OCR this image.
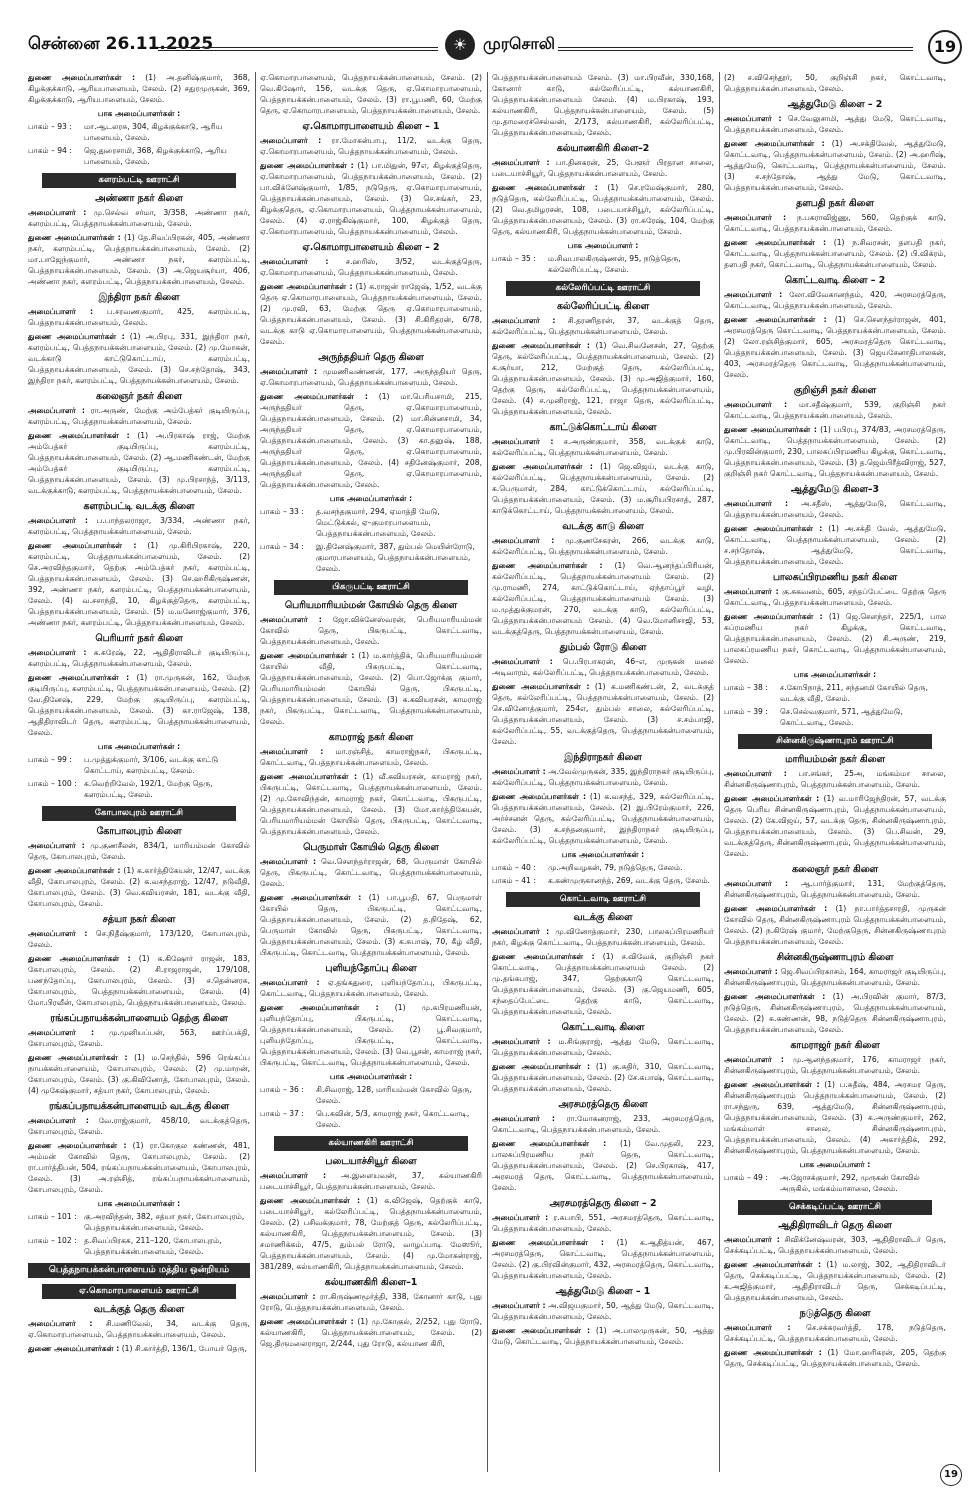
சென்னை 26.11.2025	☀ முரசொலி	19

துணை அமைப்பாளர்கள் : (1) அ.தனிஷ்குமார், 368, கிழக்குக்காடு, ஆரியபாளையம், சேலம். (2) சதுரமுருகன், 369, கிழக்குக்காடு, ஆரியபாளையம், சேலம்.

பாக அமைப்பாளர்கள் :
பாகம் – 93 :	மா.ஆடலரசு, 304, கிழக்குக்காடு, ஆரிய பாளையம், சேலம்.
பாகம் – 94 :	ஜெ.துரைசாமி, 368, கிழக்குக்காடு, ஆரிய பாளையம், சேலம்.
களரம்பட்டி ஊராட்சி
அண்ணா நகர் கிளை

அமைப்பாளர் : மு.செல்வ சர்மா, 3/358, அண்ணா நகர், களரம்பட்டி, பெத்தநாயக்கன்பாளையம், சேலம்.

துணை அமைப்பாளர்கள் : (1) தே.சிவப்பிரகன், 405, அண்ணா நகர், களரம்பட்டி, பெத்தநாயக்கன்பாளையம், சேலம். (2) மா.பாஜேந்குமார், அண்ணா நகர், களரம்பட்டி, பெத்தநாயக்கன்பாளையம், சேலம். (3) அ.ஜெயசூர்யா, 406, அண்ணா நகர், களரம்பட்டி, பெத்தநாயக்கன்பாளையம், சேலம்.

இந்திரா நகர் கிளை

அமைப்பாளர் : ப.சரவணகுமார், 425, களரம்பட்டி, பெத்தநாயக்கன்பாளையம், சேலம்.

துணை அமைப்பாளர்கள் : (1) அ.பிரபு, 331, இந்திரா நகர், களரம்பட்டி, பெத்தநாயக்கன்பாளையம், சேலம். (2) மு.மோகன், வடக்காடு காட்டுகொட்டாய், களரம்பட்டி, பெத்தநாயக்கன்பாளையம், சேலம். (3) செ.சந்தோஷ், 343, இந்திரா நகர், களரம்பட்டி, பெத்தநாயக்கன்பாளையம், சேலம்.

கலைஞர் நகர் கிளை

அமைப்பாளர் : ரா.அருண், மேற்கு அம்பேத்கர் குடியிருப்பு, களரம்பட்டி, பெத்தநாயக்கன்பாளையம், சேலம்.

துணை அமைப்பாளர்கள் : (1) அ.பிரகாஷ் ராஜ், மேற்கு அம்பேத்கர் குடியிருப்பு, களரம்பட்டி, பெத்தநாயக்கன்பாளையம், சேலம். (2) ஆ.மணிகண்டன், மேற்கு அம்பேத்கர் குடியிருப்பு, களரம்பட்டி, பெத்தநாயக்கன்பாளையம், சேலம். (3) மு.பிரசாந்த், 3/113, வடக்குக்காடு, களரம்பட்டி, பெத்தநாயக்கன்பாளையம், சேலம்.

களரம்பட்டி வடக்கு கிளை

அமைப்பாளர் : ப.பாந்தலராஜா, 3/334, அண்ணா நகர், களரம்பட்டி, பெத்தநாயக்கன்பாளையம், சேலம்.

துணை அமைப்பாளர்கள் : (1) மு.கிரிபிரகாஷ், 220, களரம்பட்டி, பெத்தநாயக்கன்பாளையம், சேலம். (2) செ.அரவிந்தகுமார், தெற்கு அம்பேத்கர் நகர், களரம்பட்டி, பெத்தநாயக்கன்பாளையம், சேலம். (3) செ.ஹரிகிருஷ்ணன், 392, அண்ணா நகர், களரம்பட்டி, பெத்தநாயக்கன்பாளையம், சேலம். (4) வ.சசாந்தி, 10, கிழக்குத்தெரு, களரம்பட்டி, பெத்தநாயக்கன்பாளையம், சேலம். (5) ம.மனோஜ்குமார், 376, அண்ணா நகர், களரம்பட்டி, பெத்தநாயக்கன்பாளையம், சேலம்.

பெரியார் நகர் கிளை

அமைப்பாளர் : க.சுரேஷ், 22, ஆதிதிராவிடர் குடியிருப்பு, களரம்பட்டி, பெத்தநாயக்கன்பாளையம், சேலம்.

துணை அமைப்பாளர்கள் : (1) ரா.முருகன், 162, மேற்கு குடியிருப்பு, களரம்பட்டி, பெத்தநாயக்கன்பாளையம், சேலம். (2) வே.தினேஷ், 229, மேற்கு குடியிருப்பு, களரம்பட்டி, பெத்தநாயக்கன்பாளையம், சேலம். (3) கா.ராஜேஷ், 138, ஆதிதிராவிடர் தெரு, களரம்பட்டி, பெத்தநாயக்கன்பாளையம், சேலம்.

பாக அமைப்பாளர்கள் :
பாகம் – 99 :	ப.முத்துக்குமார், 3/106, வடக்கு காட்டு கொட்டாய், களரம்பட்டி, சேலம்.
பாகம் – 100 : க.வெற்றிவேல், 192/1, மேற்கு தெரு, களரம்பட்டி, சேலம்.
கோபாலபுரம் ஊராட்சி
கோபாலபுரம் கிளை

அமைப்பாளர் : மு.குணசீலன், 834/1, மாரியம்மன் கோவில் தெரு, கோபாலபுரம், சேலம்.

துணை அமைப்பாளர்கள் : (1) க.கார்த்திகேயன், 12/47, வடக்கு வீதி, கோபாலபுரம், சேலம். (2) க.வசந்தராஜ், 12/47, நடுவீதி, கோபாலபுரம், சேலம். (3) வெ.கவியரசன், 181, வடக்கு வீதி, கோபாலபுரம், சேலம்.

சத்யா நகர் கிளை

அமைப்பாளர் : செ.நிதீஷ்குமார், 173/120, கோபாலபுரம், சேலம்.

துணை அமைப்பாளர்கள் : (1) க.கிஷோர் ராஜன், 183, கோபாலபுரம், சேலம். (2) சி.ராஜராஜன், 179/108, பணந்தோப்பு, கோபாலபுரம், சேலம். (3) ச.தென்னரசு, கோபாலபுரம், பெத்தநாயக்கன்பாளையம், சேலம். (4) மோ.பிரவீன், கோபாலபுரம், பெத்தநாயக்கன்பாளையம், சேலம்.

ரங்கப்பநாயக்கன்பாளையம் தெற்கு கிளை

அமைப்பாளர் : மு.முனியப்பன், 563, ஊர்ப்பக்தி, கோபாலபுரம், சேலம்.

துணை அமைப்பாளர்கள் : (1) ம.செந்தில், 596 ரெங்கப்ப நாயக்கன்பாளையம், கோபாலபுரம், சேலம். (2) மு.மாறன், கோபாலபுரம், சேலம். (3) கு.கிவினோத், கோபாலபுரம், சேலம். (4) முகேஷ்குமார், சத்யா நகர், கோபாலபுரம், சேலம்.

ரங்கப்பநாயக்கன்பாளையம் வடக்கு கிளை

அமைப்பாளர் : வே.ராஜ்குமார், 458/10, வடக்குத்தெரு, கோபாலபுரம், சேலம்.

துணை அமைப்பாளர்கள் : (1) ரா.கோகுல கண்ணன், 481, அம்மன் கோவில் தெரு, கோபாலபுரம், சேலம். (2) ரா.பார்த்திபன், 504, ரங்கப்பநாயக்கன்பாளையம், கோபாலபுரம், சேலம். (3) அ.ரஞ்சித், ரங்கப்பநாயக்கன்பாளையம், கோபாலபுரம், சேலம்.

பாக அமைப்பாளர்கள் :
பாகம் – 101 : கு.அரவிந்தன், 382, சத்யா நகர், கோபாலபுரம், பெத்தநாயக்கன்பாளையம், சேலம்.
பாகம் – 102 : த.சிவப்பிரகசு, 211–120, கோபாலபுரம், பெத்தநாயக்கன்பாளையம், சேலம்.
பெத்தநாயக்கன்பாளையம் மத்திய ஒன்றியம்
ஏ.கொமாரபாளையம் ஊராட்சி
வடக்குத் தெரு கிளை

அமைப்பாளர் : சி.மணிவேல், 34, வடக்கு தெரு, ஏ.கொமாரபாளையம், பெத்தநாயக்கன்பாளையம், சேலம்.

துணை அமைப்பாளர்கள் : (1) சி.கார்த்தி, 136/1, போயர் தெரு,

ஏ.கொமாரபாளையம், பெத்தநாயக்கன்பாளையம், சேலம். (2) வெ.கிஷோர், 156, வடக்கு தெரு, ஏ.கொமாரபாளையம், பெத்தநாயக்கன்பாளையம், சேலம். (3) ரா.பூபணி, 60, மேற்கு தெரு, ஏ.கொமாரபாளையம், பெத்தநாயக்கன்பாளையம், சேலம்.

ஏ.கொமாரபாளையம் கிளை – 1

அமைப்பாளர் : ரா.மோகன்பாபு, 11/2, வடக்கு தெரு, ஏ.கொமாரபாளையம், பெத்தநாயக்கன்பாளையம், சேலம்.

துணை அமைப்பாளர்கள் : (1) பா.மிதுன், 97எ, கிழக்குத்தெரு, ஏ.கொமாரபாளையம், பெத்தநாயக்கன்பாளையம், சேலம். (2) பா.விக்னேஷ்குமார், 1/85, நடுதெரு, ஏ.கொமாரபாளையம், பெத்தநாயக்கன்பாளையம், சேலம். (3) செ.சங்கர், 23, கிழக்குதெரு, ஏ.கொமாரபாளையம், பெத்தநாயக்கன்பாளையம், சேலம். (4) ஏ.ராஜ்கிஷ்குமார், 100, கிழக்குத் தெரு, ஏ.கொமாரபாளையம், பெத்தநாயக்கன்பாளையம், சேலம்.

ஏ.கொமாரபாளையம் கிளை – 2

அமைப்பாளர் : ச.ஹரிஸ், 3/52, வடக்குத்தெரு, ஏ.கொமாரபாளையம், பெத்தநாயக்கன்பாளையம், சேலம்.

துணை அமைப்பாளர்கள் : (1) க.ராஜன் ராஜேஷ், 1/52, வடக்கு தெரு ஏ.கொமாரபாளையம், பெத்தநாயக்கன்பாளையம், சேலம். (2) மு.ரவி, 63, மேற்கு தெரு ஏ.கொமாரபாளையம், பெத்தநாயக்கன்பாளையம், சேலம். (3) சி.கிரிதரன், 6/78, வடக்கு காடு ஏ.கொமாரபாளையம், பெத்தநாயக்கன்பாளையம், சேலம்.

அருந்ததியர் தெரு கிளை

அமைப்பாளர் : முமணிவண்ணன், 177, அருந்ததியர் தெரு, ஏ.கொமாரபாளையம், பெத்தநாயக்கன்பாளையம், சேலம்.

துணை அமைப்பாளர்கள் : (1) மா.பெரியசாமி, 215, அருந்ததியர் தெரு, ஏ.கொமாரபாளையம், பெத்தநாயக்கன்பாளையம், சேலம். (2) மா.சின்னசாமி, 34, அருந்ததியர் தெரு, ஏ.கொமாரபாளையம், பெத்தநாயக்கன்பாளையம், சேலம். (3) கா.தனுஷ், 188, அருந்ததியர் தெரு, ஏ.கொமாரபாளையம், பெத்தநாயக்கன்பாளையம், சேலம். (4) சதினேஷ்குமார், 208, அருந்ததியர் தெரு, ஏ.கொமாரபாளையம், பெத்தநாயக்கன்பாளையம், சேலம்.

பாக அமைப்பாளர்கள் :
பாகம் – 33 :	த.வசந்தகுமார், 294, ஏமாத்தி மேடு, மெட்டுக்கல், ஏ–குமாரபாளையம், பெத்தநாயக்கன்பாளையம், சேலம்.
பாகம் – 34 :	இ.தினேஷ்குமார், 387, தும்பல் மெயின்ரோடு, குமாரபாளையம், பெத்தநாயக்கன்பாளையம், சேலம்.
பிகருபட்டி ஊராட்சி
பெரியமாரியம்மன் கோயில் தெரு கிளை

அமைப்பாளர் : ஜோ.விக்னேஸ்வரன், பெரியமாரியம்மன் கோவில் தெரு, பிகருபட்டி, கொட்டவாடி, பெத்தநாயக்கன்பாளையம், சேலம்.

துணை அமைப்பாளர்கள் : (1) ம.கார்த்திக், பெரியமாரியம்மன் கோயில் வீதி, பிகருபட்டி, கொட்டவாடி, பெத்தநாயக்கன்பாளையம், சேலம். (2) பொ.ஜோக்கு குமார், பெரியமாரியம்மன் கோயில் தெரு, பிகருபட்டி, பெத்தநாயக்கன்பாளையம், சேலம். (3) க.கவியரசன், காமராஜ் நகர், பிகருபட்டி, கொட்டவாடி, பெத்தநாயக்கன்பாளையம், சேலம்.

காமராஜ் நகர் கிளை

அமைப்பாளர் : மா.ரஞ்சித், காமராஜ்நகர், பிகருபட்டி, கொட்டவாடி, பெத்தநாயக்கன்பாளையம், சேலம்.

துணை அமைப்பாளர்கள் : (1) வீ.கவியரசன், காமராஜ் நகர், பிகருபட்டி, கொட்டவாடி, பெத்தநாயக்கன்பாளையம், சேலம். (2) மு.கோவிந்தன், காமராஜ் நகர், கொட்டவாடி, பிகருபட்டி, பெத்தநாயக்கன்பாளையம், சேலம். (3) மோ.கார்த்திகேயன், பெரியமாரியம்மன் கோயில் தெரு, பிகருபட்டி, கொட்டவாடி, பெத்தநாயக்கன்பாளையம், சேலம்.

பெருமாள் கோயில் தெரு கிளை

அமைப்பாளர் : வெ.சௌந்தர்ராஜன், 68, பெருமாள் கோயில் தெரு, பிகருபட்டி, கொட்டவாடி, பெத்தநாயக்கன்பாளையம், சேலம்.

துணை அமைப்பாளர்கள் : (1) பா.பூபதி, 67, பெருமாள் கோயில் தெரு, பிகருபட்டி, கொட்டவாடி, பெத்தநாயக்கன்பாளையம், சேலம். (2) த.நிதேஷ், 62, பெருமாள் கோவில் தெரு, பிகருபட்டி, கொட்டவாடி, பெத்தநாயக்கன்பாளையம், சேலம். (3) க.சுபாஷ், 70, கீழ் வீதி, பிகருபட்டி, கொட்டவாடி, பெத்தநாயக்கன்பாளையம், சேலம்.

புளியந்தோப்பு கிளை

அமைப்பாளர் : ஏ.தங்கதுரை, புளியந்தோப்பு, பிகருபட்டி, கொட்டவாடி, பெத்தநாயக்கன்பாளையம், சேலம்.

துணை அமைப்பாளர்கள் : (1) மு.சுபிரமணியன், புளியந்தோப்பு, பிகருபட்டி, கொட்டவாடி, பெத்தநாயக்கன்பாளையம், சேலம். (2) பூ.சிவகுமார், புளியந்தோப்பு, பிகருபட்டி, கொட்டவாடி, பெத்தநாயக்கன்பாளையம், சேலம். (3) வெ.பூசன், காமராஜ் நகர், பிகருபட்டி, கொட்டவாடி, பெத்தநாயக்கன்பாளையம், சேலம்.

பாக அமைப்பாளர்கள் :
பாகம் – 36 :	சி.சிவராஜ், 128, மாரியம்மன் கோவில் தெரு, சேலம்.
பாகம் – 37 :	பெ.கவின், 5/3, காமராஜ் நகர், கொட்டவாடி, சேலம்.
கல்யாணகிரி ஊராட்சி
படையாச்சியூர் கிளை

அமைப்பாளர் : அ.இளையவன், 37, கல்யாணகிரி படையாச்சியூர், பெத்தநாயக்கன்பாளையம், சேலம்.

துணை அமைப்பாளர்கள் : (1) க.விஜேஷ், தெற்குக் காடு, படையாச்சியூர், கல்லேரிப்பட்டி, பெத்தநாயக்கன்பாளையம், சேலம். (2) பசிவக்குமார், 78, மேற்குத் தெரு, கல்லேரிப்பட்டி, கல்யாணகிரி, பெத்தநாயக்கன்பாளையம், சேலம். (3) சமாணிக்கம், 47/5, தும்பல் ரோடு, வாழப்பாடி மேஸூர், பெத்தநாயக்கன்பாளையம், சேலம். (4) மு.மோகன்ராஜ், 381/289, கல்யாணகிரி, பெத்தநாயக்கன்பாளையம், சேலம்.

கல்யாணகிரி கிளை–1

அமைப்பாளர் : ரா.கிருஷ்ணமூர்த்தி, 338, கோனார் காடு, புது ரோடு, பெத்தநாயக்கன்பாளையம், சேலம்.

துணை அமைப்பாளர்கள் : (1) மு.கோகுல், 2/252, புது ரோடு, கல்யாணகிரி, பெத்தநாயக்கன்பாளையம், சேலம். (2) ஜெ.திருமலைராஜா, 2/244, புது ரோடு, கல்யாண கிரி,

பெத்தநாயக்கன்பாளையம் சேலம். (3) மா.பிரவீன், 330,168, கோனார் காடு, கல்லேரிப்பட்டி, கல்யாணகிரி, பெத்தநாயக்கன்பாளையம் சேலம். (4) ம.பிரகாஷ், 193, கல்யாணகிரி, பெத்தநாயக்கன்பாளையம், சேலம். (5) மு.தாமரைச்செல்வன், 2/173, கல்யாணகிரி, கல்லேரிப்பட்டி, பெத்தநாயக்கன்பாளையம், சேலம்.

கல்யாணகிரி கிளை–2

அமைப்பாளர் : பா.தினகரன், 25, பேளூர் பிரதான சாலை, படையாச்சியூர், பெத்தநாயக்கன்பாளையம், சேலம்.

துணை அமைப்பாளர்கள் : (1) செ.ரமேஷ்குமார், 280, நடுத்தெரு, கல்லேரிப்பட்டி, பெத்தநாயக்கன்பாளையம், சேலம். (2) வெ.தமிழரசன், 108, படையாச்சியூர், கல்லேரிப்பட்டி, பெத்தநாயக்கன்பாளையம், சேலம். (3) ரா.சுரேஷ், 104, மேற்கு தெரு, கல்யாணகிரி, பெத்தநாயக்கன்பாளையம், சேலம்.

பாக அமைப்பாளர் :
பாகம் – 35 :	ம.சிவபாலகிருஷ்ணன், 95, நடுத்தெரு, கல்லேரிப்பட்டி, சேலம்.
கல்லேரிப்பட்டி ஊராட்சி
கல்லேரிப்பட்டி கிளை

அமைப்பாளர் : சி.தரணிதரன், 37, வடக்குத் தெரு, கல்லேரிப்பட்டி, பெத்தநாயக்கன்பாளையம், சேலம்.

துணை அமைப்பாளர்கள் : (1) வெ.சிவனேசன், 27, தெற்கு தெரு, கல்லேரிப்பட்டி, பெத்தநாயக்கன்பாளையம், சேலம். (2) க.சூர்யா, 212, மேற்குத் தெரு, கல்லேரிப்பட்டி, பெத்தநாயக்கன்பாளையம், சேலம். (3) மு.அஜித்குமார், 160, தெற்கு தெரு, கல்லேரிப்பட்டி, பெத்தநாயக்கன்பாளையம், சேலம். (4) ச.முனிராஜ், 121, ராஜா தெரு, கல்லேரிப்பட்டி, பெத்தநாயக்கன்பாளையம், சேலம்.

காட்டுக்கொட்டாய் கிளை

அமைப்பாளர் : ச.அருண்குமார், 358, வடக்குக் காடு, கல்லேரிப்பட்டி, பெத்தநாயக்கன்பாளையம், சேலம்.

துணை அமைப்பாளர்கள் : (1) ஜெ.விஜய், வடக்கு காடு, கல்லேரிப்பட்டி, பெத்தநாயக்கன்பாளையம், சேலம். (2) க.பெருமாள், 284, காட்டுக்கொட்டாய், கல்லேரிப்பட்டி, பெத்தநாயக்கன்பாளையம், சேலம். (3) ம.சூரியபிரசாத், 287, காடுக்கொட்டாய், பெத்தநாயக்கன்பாளையம், சேலம்.

வடக்கு காடு கிளை

அமைப்பாளர் : மு.குணசேகரன், 266, வடக்கு காடு, கல்லேரிப்பட்டி, பெத்தநாயக்கன்பாளையம், சேலம்.

துணை அமைப்பாளர்கள் : (1) வெ.ஆனந்தப்பிரியன், கல்லேரிப்பட்டி, பெத்தநாயக்கன்பாளையம் சேலம். (2) மு.ராமணி, 274, காட்டுக்கொட்டாய், ஏந்தாப்பூர் வழி, கல்லேரிப்பட்டி, பெத்தநாயக்கன்பாளையம் சேலம். (3) ம.முத்துக்குமரன், 270, வடக்கு காடு, கல்லேரிப்பட்டி, பெத்தநாயக்கன்பாளையம் சேலம். (4) வெ.மோனிசாஜி, 53, வடக்குத்தெரு, பெத்தநாயக்கன்பாளையம், சேலம்.

தும்பல் ரோடு கிளை

அமைப்பாளர் : பெ.பிரபாகரன், 46–எ, முருகன் மலை அடிவாரம், கல்லேரிப்பட்டி, பெத்தநாயக்கன்பாளையம், சேலம்.

துணை அமைப்பாளர்கள் : (1) க.மணிகண்டன், 2, வடக்குத் தெரு, கல்லேரிப்பட்டி, பெத்தநாயக்கன்பாளையம், சேலம். (2) செ.வினோத்குமார், 254எ, தும்பல் சாலை, கல்லேரிப்பட்டி, பெத்தநாயக்கன்பாளையம், சேலம். (3) ச.சம்பாஜி, கல்லேரிப்பட்டி, 55, வடக்குத்தெரு, பெத்தநாயக்கன்பாளையம், சேலம்.

இந்திராநகர் கிளை

அமைப்பாளர் : அ.வேல்முருகன், 335, இந்திராநகர் குடியிருப்பு, கல்லேரிப்பட்டி, பெத்தநாயக்கன்பாளையம், சேலம்.

துணை அமைப்பாளர்கள் : (1) க.வசந்த், 329, கல்லேரிப்பட்டி, பெத்தநாயக்கன்பாளையம், சேலம். (2) இ.பிரேம்குமார், 226, அர்ச்சனன் தெரு, கல்லேரிப்பட்டி, பெத்தநாயக்கன்பாளையம், சேலம். (3) க.சந்தனகுமார், இந்திராநகர் குடியிருப்பு, கல்லேரிப்பட்டி, பெத்தநாயக்கன்பாளையம், சேலம்.

பாக அமைப்பாளர்கள் :
பாகம் – 40 :	மு.அறிவழகன், 79, நடுத்தெரு, சேலம்.
பாகம் – 41 :	க.கண்முருகானந்த், 269, வடக்கு தெரு, சேலம்.
கொட்டவாடி ஊராட்சி
வடக்கு கிளை

அமைப்பாளர் : மு.வினோத்குமார், 230, பாலசுப்பிரமணியர் நகர், கிழக்கு கொட்டவாடி, பெத்தநாயக்கன்பாளையம், சேலம்.

துணை அமைப்பாளர்கள் : (1) ச.விவேக், குறிஞ்சி நகர் கொட்டவாடி, பெத்தநாயக்கன்பாளையம் சேலம். (2) மு.தங்கபாஜ், 347, தெற்குகாடு கொட்டவாடி, பெத்தநாயக்கன்பாளையம், சேலம். (3) கு.ஜெயமணி, 605, சந்தைப்பேட்டை தெற்கு காடு, கொட்டவாடி, பெத்தநாயக்கன்பாளையம், சேலம்.

கொட்டவாடி கிளை

அமைப்பாளர் : ம.சிங்குராஜ், ஆத்து மேடு, கொட்டவாடி, பெத்தநாயக்கன்பாளையம், சேலம்.

துணை அமைப்பாளர்கள் : (1) கு.சுதிர், 310, கொட்டவாடி, பெத்தநாயக்கன்பாளையம், சேலம். (2) சே.கபாஷ், கொட்டவாடி, பெத்தநாயக்கன்பாளையம், சேலம்.

அரசமரத்தெரு கிளை

அமைப்பாளர் : ரா.மோகனராஜ், 233, அரசமரத்தெரு, கொட்டவாடி, பெத்தநாயக்கன்பாளையம், சேலம்.

துணை அமைப்பாளர்கள் : (1) வே.முதலி, 223, பாலசுப்பிரமணிய நகர் தெரு, கொட்டவாடி, பெத்தநாயக்கன்பாளையம், சேலம். (2) செ.பிரகாஷ், 417, அரசமரத் தெரு, கொட்டவாடி, பெத்தநாயக்கன்பாளையம், சேலம்.

அரசமரத்தெரு கிளை – 2

அமைப்பாளர் : ர.சுபாபி, 551, அரசமரத்தெரு, கொட்டவாடி, பெத்தநாயக்கன்பாளையம், சேலம்.

துணை அமைப்பாளர்கள் : (1) க.ஆதித்யன், 467, அரசமரத்தெரு, கொட்டவாடி, பெத்தநாயக்கன்பாளையம், சேலம். (2) கு.பிரவின்குமார், 432, அரசமரத்தெரு, கொட்டவாடி, பெத்தநாயக்கன்பாளையம், சேலம்.

ஆத்துமேடு கிளை – 1

அமைப்பாளர் : அ.விஜயகுமார், 50, ஆத்து மேடு, கொட்டவாடி, பெத்தநாயக்கன்பாளையம், சேலம்.

துணை அமைப்பாளர்கள் : (1) அ.பாலமுருகன், 50, ஆத்து மேடு, கொட்டவாடி, பெத்தநாயக்கன்பாளையம், சேலம்.

(2) ச.விசெந்தூர், 50, குறிஞ்சி நகர், கொட்டவாடி, பெத்தநாயக்கன்பாளையம், சேலம்.

ஆத்துமேடு கிளை – 2

அமைப்பாளர் : செ.வேலுசாமி, ஆத்து மேடு, கொட்டவாடி, பெத்தநாயக்கன்பாளையம், சேலம்.

துணை அமைப்பாளர்கள் : (1) அ.சக்திவேல், ஆத்துமேடு, கொட்டவாடி, பெத்தநாயக்கன்பாளையம், சேலம். (2) அ.ஹரிஷ், ஆத்துமேடு, கொட்டவாடி, பெத்தநாயக்கன்பாளையம், சேலம். (3) ச.சந்தோஷ், ஆத்து மேடு, கொட்டவாடி, பெத்தநாயக்கன்பாளையம், சேலம்.

தளபதி நகர் கிளை

அமைப்பாளர் : ந.பகராவிஜ்ணு, 560, தெற்குக் காடு, கொட்டவாடி, பெத்தநாயக்கன்பாளையம், சேலம்.

துணை அமைப்பாளர்கள் : (1) ந.சிவரசன், தளபதி நகர், கொட்டவாடி, பெத்தநாயக்கன்பாளையம், சேலம். (2) பி.விக்ரம், தளபதி நகர், கொட்டவாடி, பெத்தநாயக்கன்பாளையம், சேலம்.

கொட்டவாடி கிளை – 2

அமைப்பாளர் : லோ.விவேகானந்தம், 420, அரசமரத்தெரு, கொட்டவாடி, பெத்தநாயக்கன்பாளையம், சேலம்.

துணை அமைப்பாளர்கள் : (1) செ.சௌந்தர்ராஜன், 401, அரசமரத்தெரு கொட்டவாடி, பெத்தநாயக்கன்பாளையம், சேலம். (2) லோ.ரஞ்சித்குமார், 605, அரசமரத்தெரு கொட்டவாடி, பெத்தநாயக்கன்பாளையம், சேலம். (3) ஜெயசேனாதிபாலகன், 403, அரசமரத்தெரு கொட்டவாடி, பெத்தநாயக்கன்பாளையம், சேலம்.

குறிஞ்சி நகர் கிளை

அமைப்பாளர் : மா.சதீஷ்குமார், 539, குறிஞ்சி நகர் கொட்டவாடி, பெத்தநாயக்கன்பாளையம், சேலம்.

துணை அமைப்பாளர்கள் : (1) பபிரபு, 374/83, அரசமரத்தெரு, கொட்டவாடி, பெத்தநாயக்கன்பாளையம், சேலம். (2) மு.பிரவின்குமார், 230, பாலசுப்பிரமணிய கிழக்கு, கொட்டவாடி, பெத்தநாயக்கன்பாளையம், சேலம். (3) த.ஜெம்பிரீத்விராஜ், 527, குறிஞ்சி நகர் கொட்டவாடி, பெத்தநாயக்கன்பாளையம், சேலம்.

ஆத்துமேடு கிளை–3

அமைப்பாளர் : அ.சதீஸ், ஆத்துமேடு, கொட்டவாடி, பெத்தநாயக்கன்பாளையம், சேலம்.

துணை அமைப்பாளர்கள் : (1) அ.சக்தி வேல், ஆத்துமேடு, கொட்டவாடி, பெத்தநாயக்கன்பாளையம், சேலம். (2) ச.சந்தோஷ், ஆத்துமேடு, கொட்டவாடி, பெத்தநாயக்கன்பாளையம், சேலம்.

பாலசுப்பிரமணிய நகர் கிளை

அமைப்பாளர் : கு.சுகவனம், 605, சந்தப்பேட்டை தெற்கு தெரு கொட்டவாடி, பெத்தநாயக்கன்பாளையம், சேலம்.

துணை அமைப்பாளர்கள் : (1) ஜெ.சௌந்தர், 225/1, பால சுப்ரமணிய நகர் கிழக்கு, கொட்டவாடி, பெத்தநாயக்கன்பாளையம், சேலம். (2) சி.அருண், 219, பாலசுப்ரமணிய நகர், கொட்டவாடி, பெத்தநாயக்கன்பாளையம், சேலம்.

பாக அமைப்பாளர்கள் :
பாகம் – 38 :	ச.கோபிநாத், 211, சந்தனமி கோயில் தெரு, வடக்கு வீதி, சேலம்.
பாகம் – 39 :	செ.செல்வகுமார், 571, ஆத்துமேடு, கொட்டவாடி, சேலம்.
சின்னகிருஷ்ணாபுரம் ஊராட்சி
மாரியம்மன் நகர் கிளை

அமைப்பாளர் : பா.சங்கர், 25அ, மங்கம்மா சாலை, சின்னகிருஷ்ணாபுரம், பெத்தநாயக்கன்பாளையம், சேலம்.

துணை அமைப்பாளர்கள் : (1) வ.மாரிஜேந்திரன், 57, வடக்கு தெரு பெரிய சின்னகிருஷ்ணாபுரம், பெத்தநாயக்கன்பாளையம், சேலம். (2) கே.விஜய், 57, வடக்கு தெரு, சின்னகிருஷ்ணாபுரம், பெத்தநாயக்கன்பாளையம், சேலம். (3) பெ.சிவன், 29, வடக்குத்தெரு, சின்னகிருஷ்ணாபுரம், பெத்தநாயக்கன்பாளையம், சேலம்.

கலைஞர் நகர் கிளை

அமைப்பாளர் : ஆ.பார்த்குமார், 131, மேற்குத்தெரு, சின்னகிருஷ்ணாபுரம், பெத்தநாயக்கன்பாளையம், சேலம்.

துணை அமைப்பாளர்கள் : (1) நா.பார்த்தசாரதி, முருகன் கோவில் தெரு, சின்னகிருஷ்ணாபுரம் பெத்தநாயக்கன்பாளையம், சேலம். (2) ந.கிரேஷ் குமார், மேற்குதெரு, சின்னகிருஷ்ணாபுரம் பெத்தநாயக்கன்பாளையம், சேலம்.

சின்னகிருஷ்ணாபுரம் கிளை

அமைப்பாளர் : ஜெ.சிவப்பிரகாசம், 164, காமராஜர் குடியிருப்பு, சின்னகிருஷ்ணாபுரம், பெத்தநாயக்கன்பாளையம், சேலம்.

துணை அமைப்பாளர்கள் : (1) அ.பிரவின் குமார், 87/3, நடுத்தெரு, சின்னகிருஷ்ணாபுரம், பெத்தநாயக்கன்பாளையம், சேலம். (2) சு.கண்ணன், 98, நடுத்தெரு சின்னகிருஷ்ணாபுரம், பெத்தநாயக்கன்பாளையம், சேலம்.

காமராஜர் நகர் கிளை

அமைப்பாளர் : மு.ஆனந்தகுமார், 176, காமராஜர் நகர், சின்னகிருஷ்ணாபுரம், பெத்தநாயக்கன்பாளையம், சேலம்.

துணை அமைப்பாளர்கள் : (1) ப.சுதீஷ், 484, அரசமர தெரு, சின்னகிருஷ்ணாபுரம் பெத்தநாயக்கன்பாளையம், சேலம். (2) ரா.சந்துரு, 639, ஆத்துமேடு, சின்னகிருஷ்ணாபுரம், பெத்தநாயக்கன்பாளையம், சேலம். (3) சு.அருண்குமார், 262, மங்கம்மாள் சாலை, சின்னகிருஷ்ணாபுரம், பெத்தநாயக்கன்பாளையம், சேலம். (4) அகார்த்திக், 292, சின்னகிருஷ்ணாபுரம், பெத்தநாயக்கன்பாளையம், சேலம்.

பாக அமைப்பாளர் :
பாகம் – 49 :	அ.ஜோசக்குமார், 292, முருகன் கோவில் அருகில், மங்கம்மாசாலை, சேலம்.
செக்கடிப்பட்டி ஊராட்சி
ஆதிதிராவிடர் தெரு கிளை

அமைப்பாளர் : சிவிக்னேஷ்வரன், 303, ஆதிதிராவிடர் தெரு, செக்கடிப்பட்டி, பெத்தநாயக்கன்பாளையம், சேலம்.

துணை அமைப்பாளர்கள் : (1) ம.லாஜ், 302, ஆதிதிராவிடர் தெரு, செக்கடிப்பட்டி, பெத்தநாயக்கன்பாளையம், சேலம். (2) க.அஜித்குமார், ஆதிதிராவிடர் தெரு, செக்கடிப்பட்டி, பெத்தநாயக்கன்பாளையம், சேலம்.

நடுத்தெரு கிளை

அமைப்பாளர் : செ.சக்கரவர்த்தி, 178, நடுத்தெரு, செக்கடிப்பட்டி, பெத்தநாயக்கன்பாளையம், சேலம்.

துணை அமைப்பாளர்கள் : (1) மோ.ஹரிகரன், 205, தெற்கு தெரு, செக்கடிப்பட்டி, பெத்தநாயக்கன்பாளையம், சேலம்.

19
